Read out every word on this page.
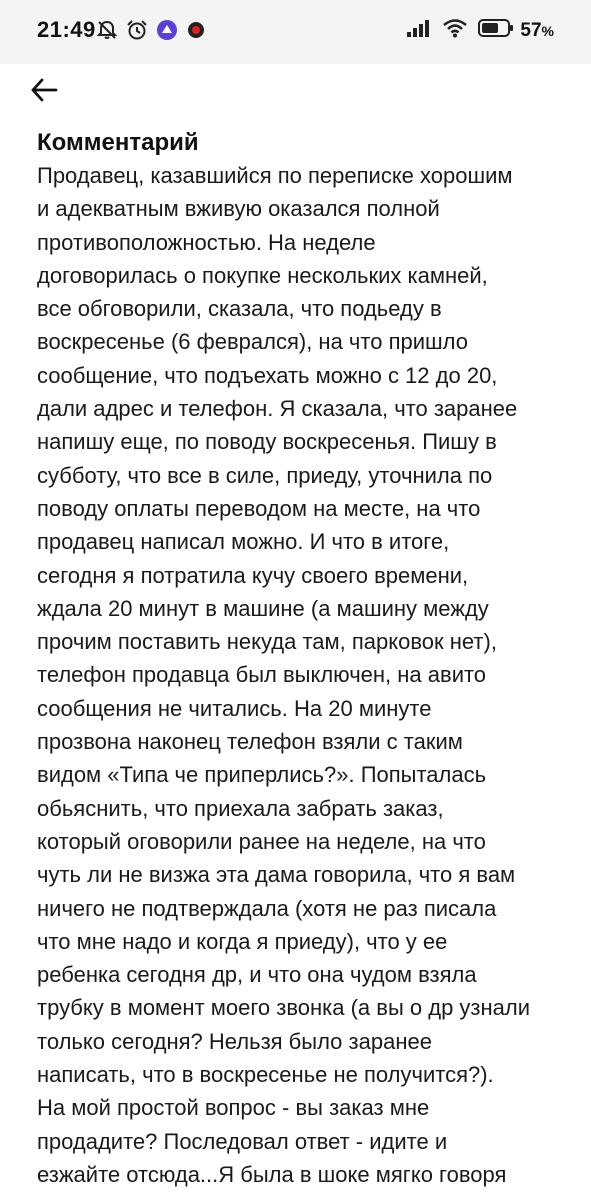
21:49	57%
Комментарий

Продавец, казавшийся по переписке хорошим
и адекватным вживую оказался полной
противоположностью. На неделе
договорилась о покупке нескольких камней,
все обговорили, сказала, что подьеду в
воскресенье (6 феврался), на что пришло
сообщение, что подъехать можно с 12 до 20,
дали адрес и телефон. Я сказала, что заранее
напишу еще, по поводу воскресенья. Пишу в
субботу, что все в силе, приеду, уточнила по
поводу оплаты переводом на месте, на что
продавец написал можно. И что в итоге,
сегодня я потратила кучу своего времени,
ждала 20 минут в машине (а машину между
прочим поставить некуда там, парковок нет),
телефон продавца был выключен, на авито
сообщения не читались. На 20 минуте
прозвона наконец телефон взяли с таким
видом «Типа че приперлись?». Попыталась
обьяснить, что приехала забрать заказ,
который оговорили ранее на неделе, на что
чуть ли не визжа эта дама говорила, что я вам
ничего не подтверждала (хотя не раз писала
что мне надо и когда я приеду), что у ее
ребенка сегодня др, и что она чудом взяла
трубку в момент моего звонка (а вы о др узнали
только сегодня? Нельзя было заранее
написать, что в воскресенье не получится?).
На мой простой вопрос - вы заказ мне
продадите? Последовал ответ - идите и
езжайте отсюда...Я была в шоке мягко говоря
